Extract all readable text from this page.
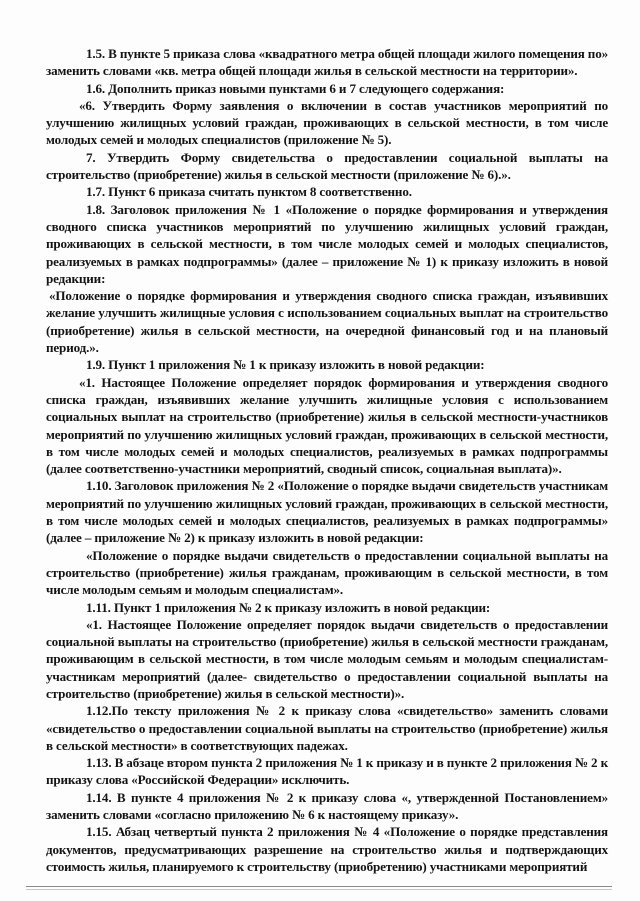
1.5. В пункте 5 приказа слова «квадратного метра общей площади жилого помещения по» заменить словами «кв. метра общей площади жилья в сельской местности на территории».

1.6. Дополнить приказ новыми пунктами 6 и 7 следующего содержания:

«6. Утвердить Форму заявления о включении в состав участников мероприятий по улучшению жилищных условий граждан, проживающих в сельской местности, в том числе молодых семей и молодых специалистов (приложение № 5).

7. Утвердить Форму свидетельства о предоставлении социальной выплаты на строительство (приобретение) жилья в сельской местности (приложение № 6).».

1.7. Пункт 6 приказа считать пунктом 8 соответственно.

1.8. Заголовок приложения № 1 «Положение о порядке формирования и утверждения сводного списка участников мероприятий по улучшению жилищных условий граждан, проживающих в сельской местности, в том числе молодых семей и молодых специалистов, реализуемых в рамках подпрограммы» (далее – приложение № 1) к приказу изложить в новой редакции:

«Положение о порядке формирования и утверждения сводного списка граждан, изъявивших желание улучшить жилищные условия с использованием социальных выплат на строительство (приобретение) жилья в сельской местности, на очередной финансовый год и на плановый период.».

1.9. Пункт 1 приложения № 1 к приказу изложить в новой редакции:

«1. Настоящее Положение определяет порядок формирования и утверждения сводного списка граждан, изъявивших желание улучшить жилищные условия с использованием социальных выплат на строительство (приобретение) жилья в сельской местности-участников мероприятий по улучшению жилищных условий граждан, проживающих в сельской местности, в том числе молодых семей и молодых специалистов, реализуемых в рамках подпрограммы (далее соответственно-участники мероприятий, сводный список, социальная выплата)».

1.10. Заголовок приложения № 2 «Положение о порядке выдачи свидетельств участникам мероприятий по улучшению жилищных условий граждан, проживающих в сельской местности, в том числе молодых семей и молодых специалистов, реализуемых в рамках подпрограммы» (далее – приложение № 2) к приказу изложить в новой редакции:

«Положение о порядке выдачи свидетельств о предоставлении социальной выплаты на строительство (приобретение) жилья гражданам, проживающим в сельской местности, в том числе молодым семьям и молодым специалистам».

1.11. Пункт 1 приложения № 2 к приказу изложить в новой редакции:

«1. Настоящее Положение определяет порядок выдачи свидетельств о предоставлении социальной выплаты на строительство (приобретение) жилья в сельской местности гражданам, проживающим в сельской местности, в том числе молодым семьям и молодым специалистам- участникам мероприятий (далее- свидетельство о предоставлении социальной выплаты на строительство (приобретение) жилья в сельской местности)».

1.12.По тексту приложения № 2 к приказу слова «свидетельство» заменить словами «свидетельство о предоставлении социальной выплаты на строительство (приобретение) жилья в сельской местности» в соответствующих падежах.

1.13. В абзаце втором пункта 2 приложения № 1 к приказу и в пункте 2 приложения № 2 к приказу слова «Российской Федерации» исключить.

1.14. В пункте 4 приложения № 2 к приказу слова «, утвержденной Постановлением» заменить словами «согласно приложению № 6 к настоящему приказу».

1.15. Абзац четвертый пункта 2 приложения № 4 «Положение о порядке представления документов, предусматривающих разрешение на строительство жилья и подтверждающих стоимость жилья, планируемого к строительству (приобретению) участниками мероприятий
